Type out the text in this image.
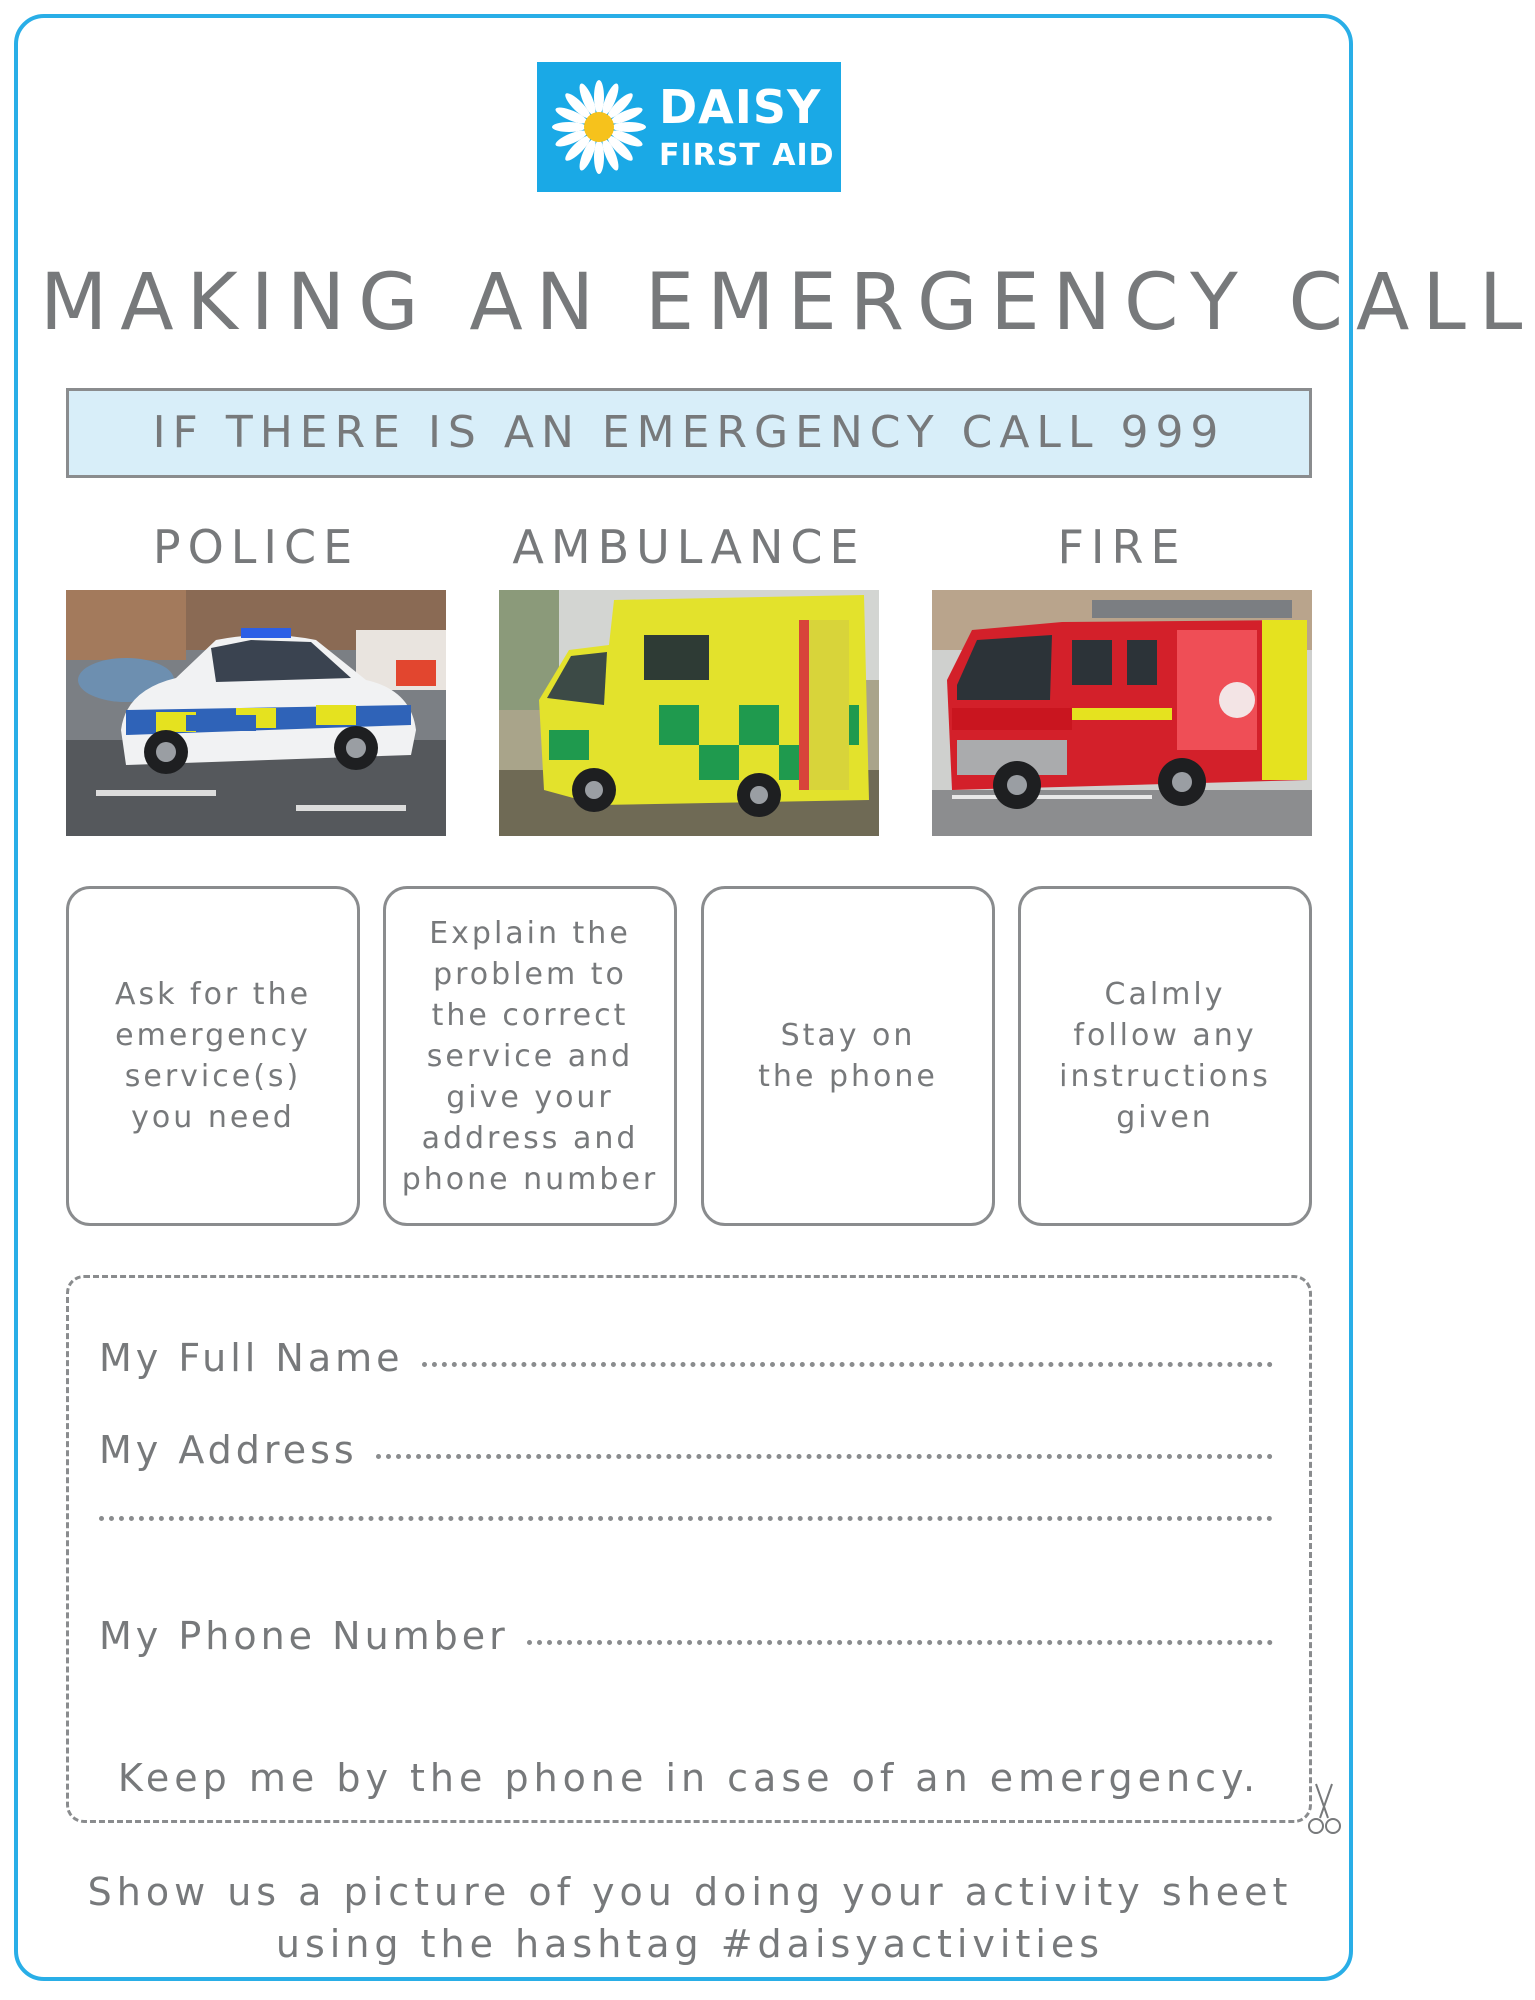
DAISY
FIRST AID
MAKING AN EMERGENCY CALL
IF THERE IS AN EMERGENCY CALL 999
POLICE	AMBULANCE	FIRE
Ask for the
emergency
service(s)
you need
Explain the
problem to
the correct
service and
give your
address and
phone number
Stay on
the phone
Calmly
follow any
instructions
given
My Full Name
My Address
My Phone Number
Keep me by the phone in case of an emergency.
Show us a picture of you doing your activity sheet
using the hashtag #daisyactivities
